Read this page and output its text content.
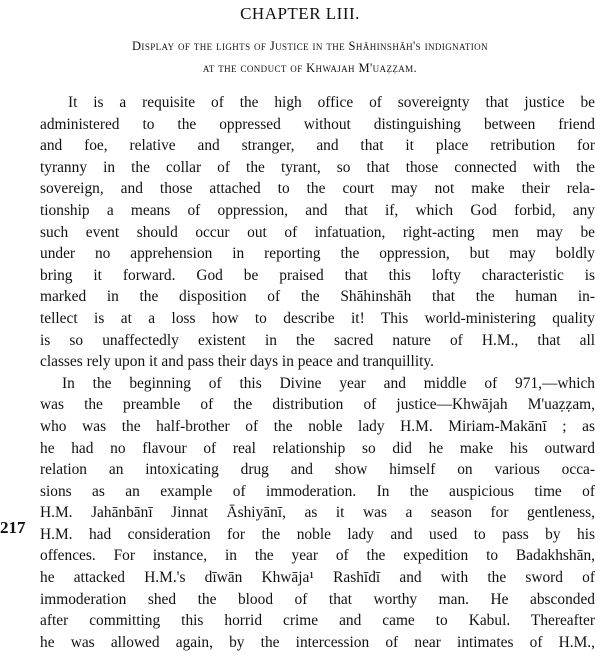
CHAPTER LIII.
Display of the lights of Justice in the Shāhinshāh's indignation
at the conduct of Khwajah M'uaẓẓam.
217
It is a requisite of the high office of sovereignty that justice be
administered to the oppressed without distinguishing between friend
and foe, relative and stranger, and that it place retribution for
tyranny in the collar of the tyrant, so that those connected with the
sovereign, and those attached to the court may not make their rela-
tionship a means of oppression, and that if, which God forbid, any
such event should occur out of infatuation, right-acting men may be
under no apprehension in reporting the oppression, but may boldly
bring it forward. God be praised that this lofty characteristic is
marked in the disposition of the Shāhinshāh that the human in-
tellect is at a loss how to describe it! This world-ministering quality
is so unaffectedly existent in the sacred nature of H.M., that all
classes rely upon it and pass their days in peace and tranquillity.
In the beginning of this Divine year and middle of 971,—which
was the preamble of the distribution of justice—Khwājah M'uaẓẓam,
who was the half-brother of the noble lady H.M. Miriam-Makānī ; as
he had no flavour of real relationship so did he make his outward
relation an intoxicating drug and show himself on various occa-
sions as an example of immoderation. In the auspicious time of
H.M. Jahānbānī Jinnat Āshiyānī, as it was a season for gentleness,
H.M. had consideration for the noble lady and used to pass by his
offences. For instance, in the year of the expedition to Badakhshān,
he attacked H.M.'s dīwān Khwāja¹ Rashīdī and with the sword of
immoderation shed the blood of that worthy man. He absconded
after committing this horrid crime and came to Kabul. Thereafter
he was allowed again, by the intercession of near intimates of H.M.,
